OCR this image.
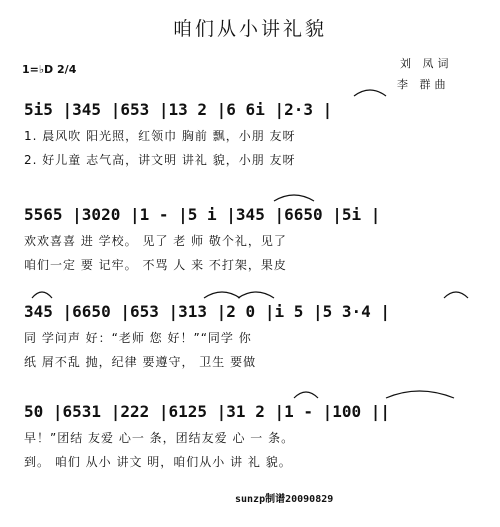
咱们从小讲礼貌
1=♭D 2/4	刘 凤词
李 群曲
5i5 |345 |653 |13 2 |6 6i |2·3 |
1. 晨风吹 阳光照，红领巾 胸前 飘，小朋 友呀
2. 好儿童 志气高，讲文明 讲礼 貌，小朋 友呀
5565 |3020 |1 - |5 i |345 |6650 |5i |
欢欢喜喜 进 学校。 见了 老 师 敬个礼，见了
咱们一定 要 记牢。 不骂 人 来 不打架，果皮
345 |6650 |653 |313 |2 0 |i 5 |5 3·4 |
同 学问声 好：“老师 您 好！”“同学 你
纸 屑不乱 抛，纪律 要遵守， 卫生 要做
50 |6531 |222 |6125 |31 2 |1 - |100 ||
早！”团结 友爱 心一 条，团结友爱 心 一 条。
到。 咱们 从小 讲文 明，咱们从小 讲 礼 貌。
sunzp制谱20090829
